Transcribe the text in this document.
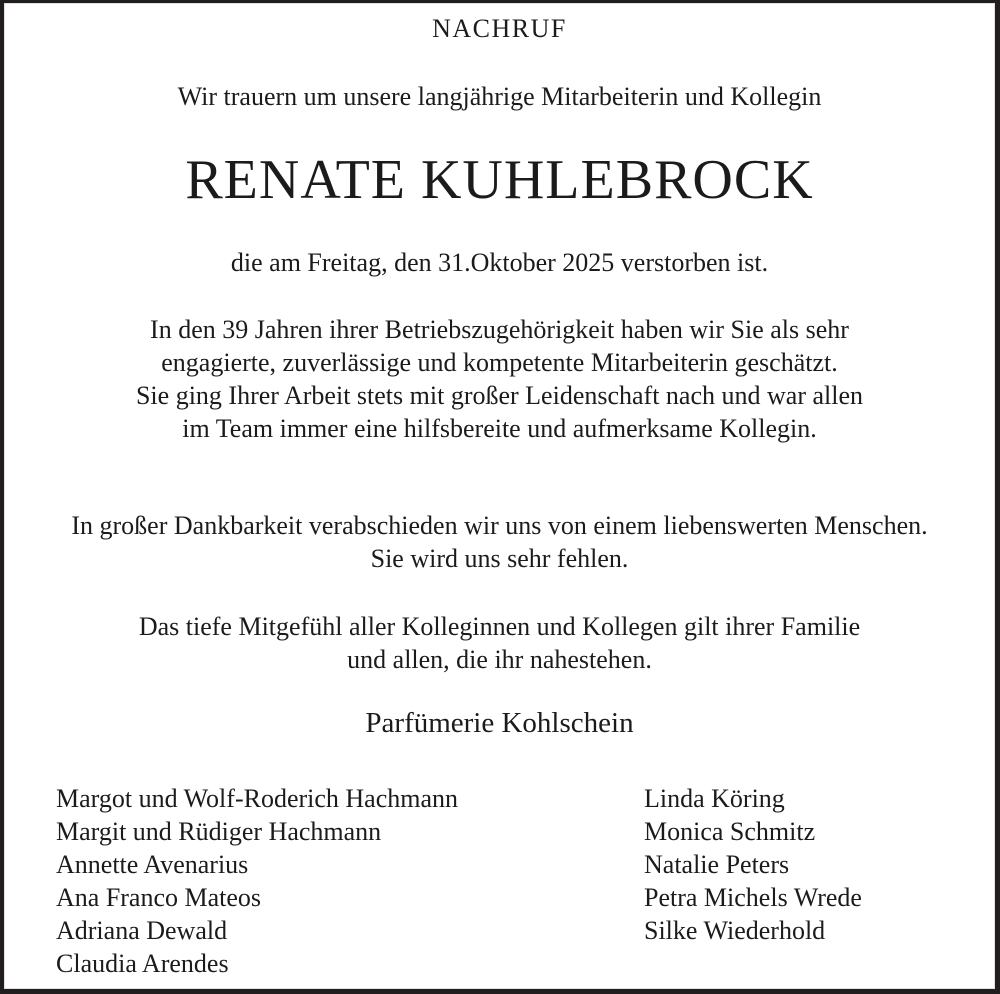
NACHRUF
Wir trauern um unsere langjährige Mitarbeiterin und Kollegin
RENATE KUHLEBROCK
die am Freitag, den 31.Oktober 2025 verstorben ist.
In den 39 Jahren ihrer Betriebszugehörigkeit haben wir Sie als sehr
engagierte, zuverlässige und kompetente Mitarbeiterin geschätzt.
Sie ging Ihrer Arbeit stets mit großer Leidenschaft nach und war allen
im Team immer eine hilfsbereite und aufmerksame Kollegin.
In großer Dankbarkeit verabschieden wir uns von einem liebenswerten Menschen.
Sie wird uns sehr fehlen.
Das tiefe Mitgefühl aller Kolleginnen und Kollegen gilt ihrer Familie
und allen, die ihr nahestehen.
Parfümerie Kohlschein
Margot und Wolf-Roderich Hachmann
Margit und Rüdiger Hachmann
Annette Avenarius
Ana Franco Mateos
Adriana Dewald
Claudia Arendes
Linda Köring
Monica Schmitz
Natalie Peters
Petra Michels Wrede
Silke Wiederhold
